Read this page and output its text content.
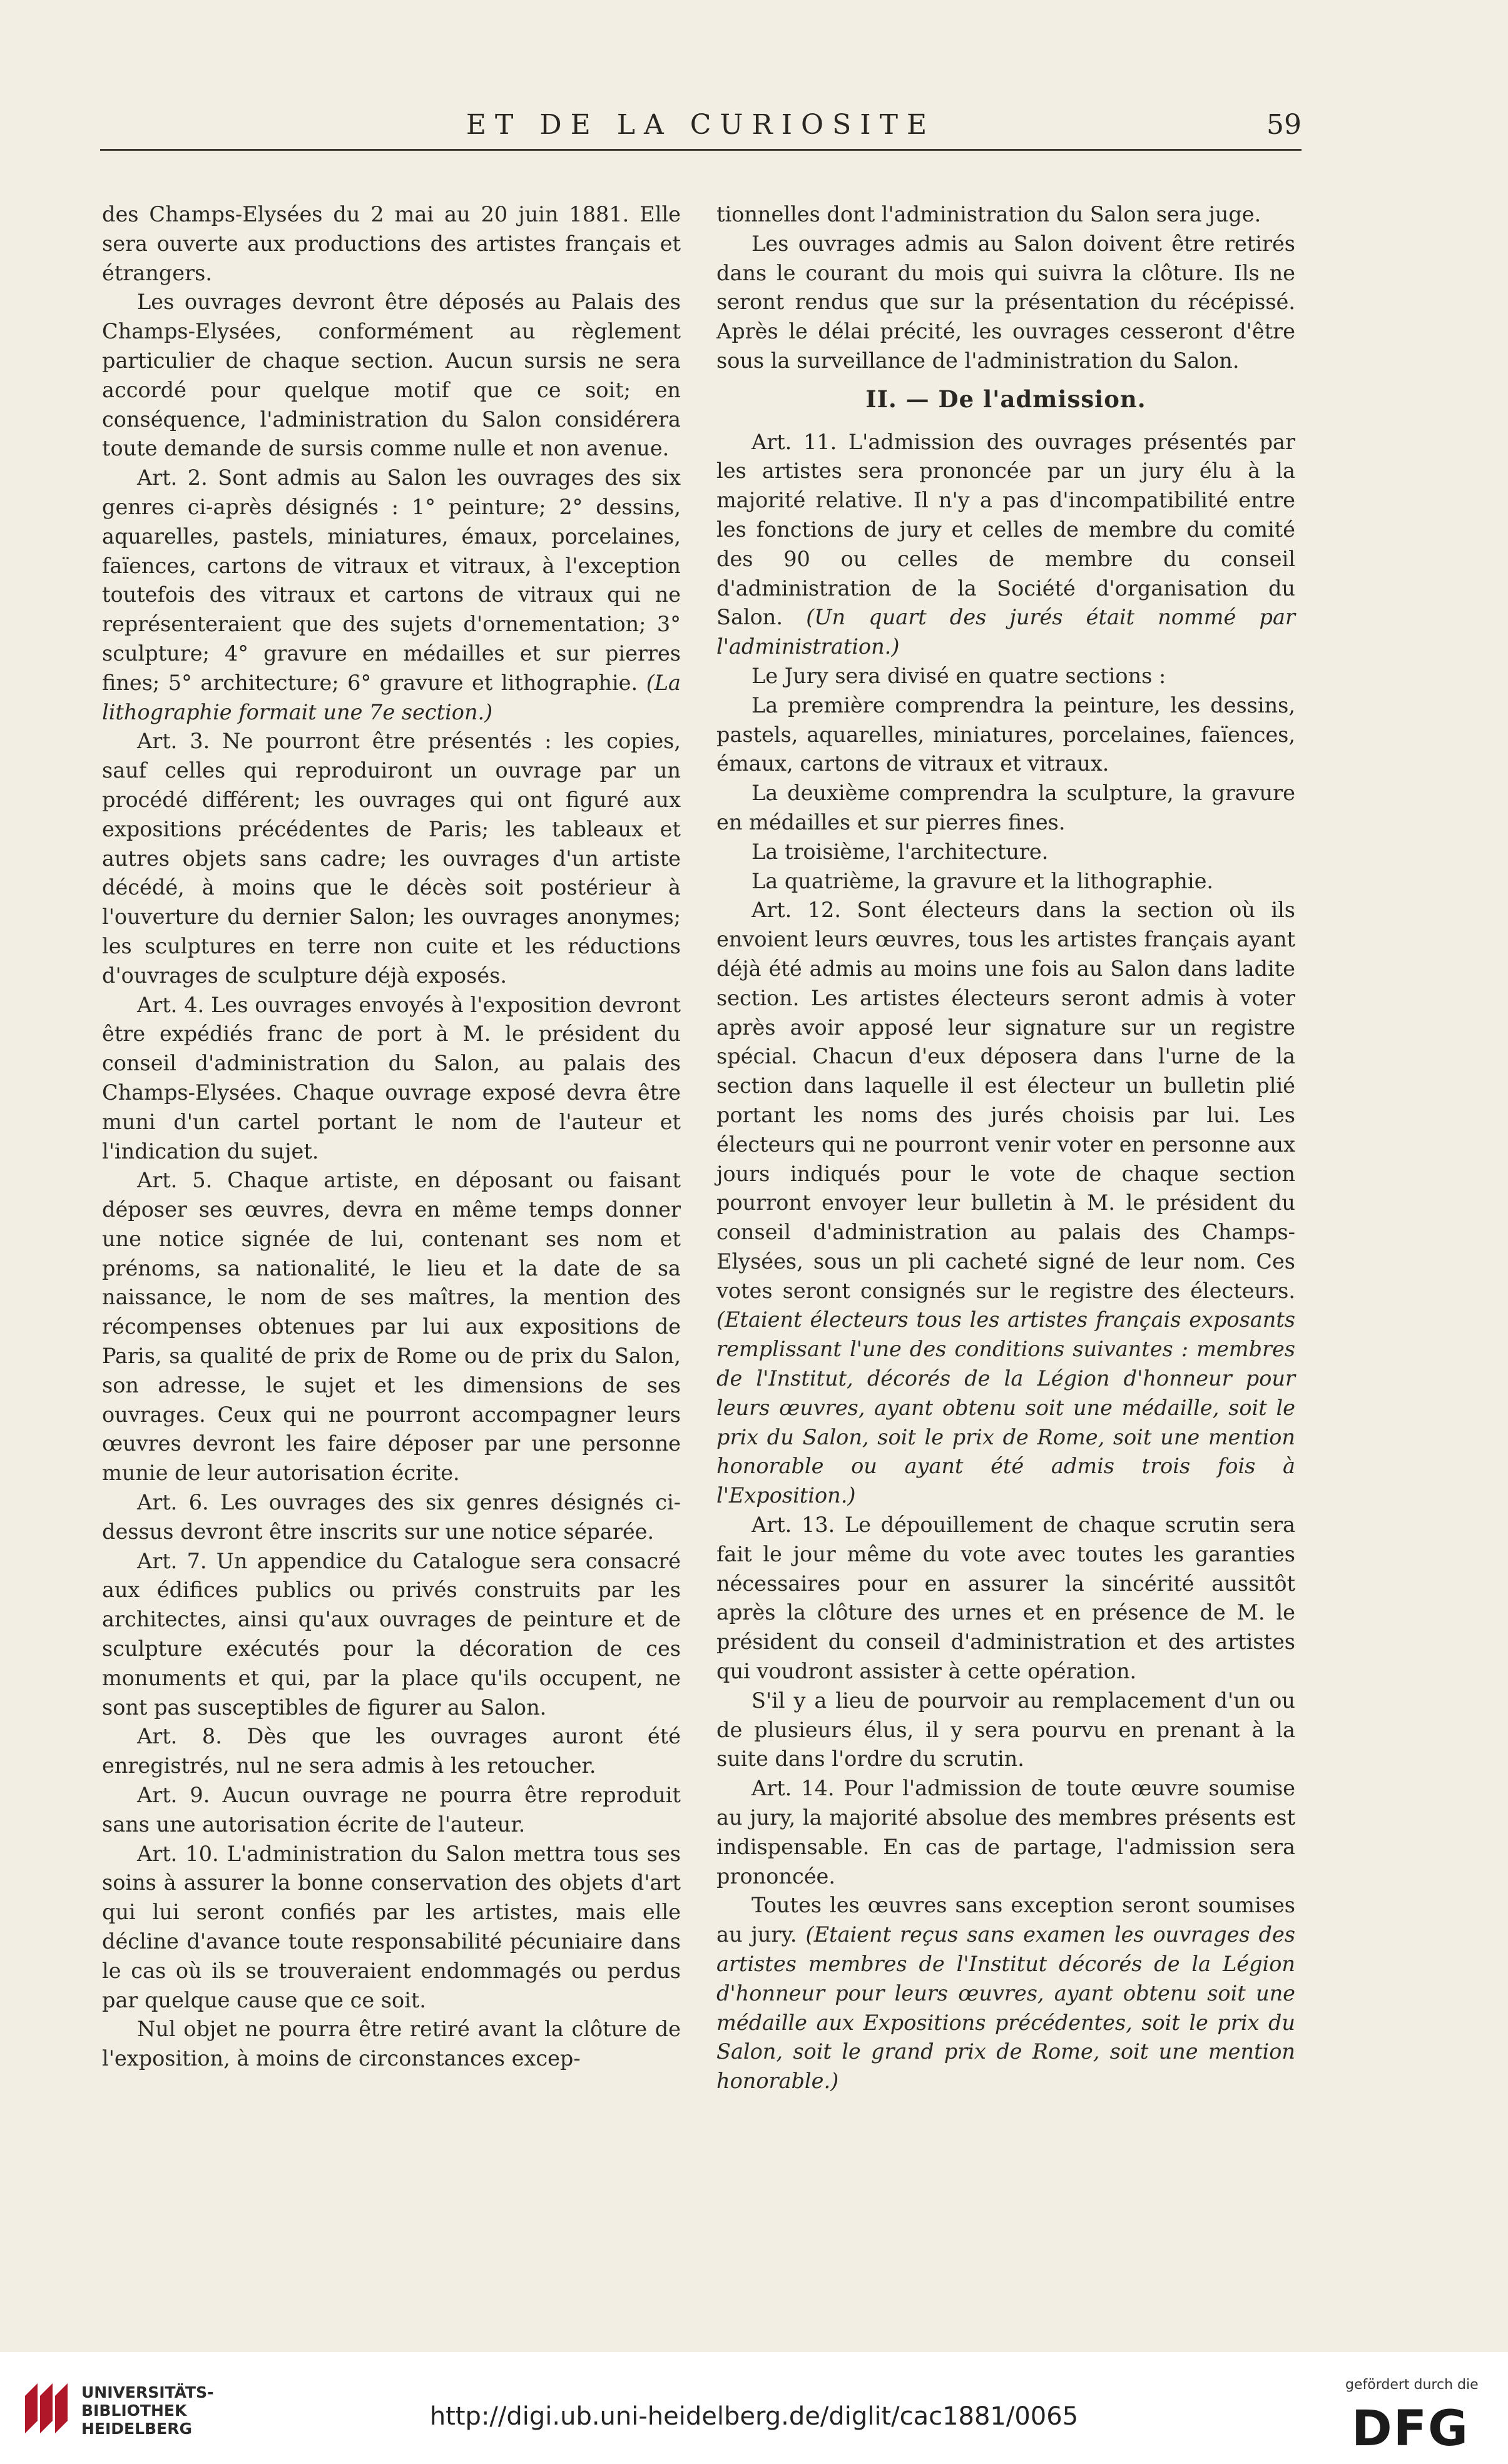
ET DE LA CURIOSITE	59

des Champs-Elysées du 2 mai au 20 juin 1881. Elle sera ouverte aux productions des artistes français et étrangers.

Les ouvrages devront être déposés au Palais des Champs-Elysées, conformément au règlement particulier de chaque section. Aucun sursis ne sera accordé pour quelque motif que ce soit; en conséquence, l'administration du Salon considérera toute demande de sursis comme nulle et non avenue.

Art. 2. Sont admis au Salon les ouvrages des six genres ci-après désignés : 1° peinture; 2° dessins, aquarelles, pastels, miniatures, émaux, porcelaines, faïences, cartons de vitraux et vitraux, à l'exception toutefois des vitraux et cartons de vitraux qui ne représenteraient que des sujets d'ornementation; 3° sculpture; 4° gravure en médailles et sur pierres fines; 5° architecture; 6° gravure et lithographie. (La lithographie formait une 7e section.)

Art. 3. Ne pourront être présentés : les copies, sauf celles qui reproduiront un ouvrage par un procédé différent; les ouvrages qui ont figuré aux expositions précédentes de Paris; les tableaux et autres objets sans cadre; les ouvrages d'un artiste décédé, à moins que le décès soit postérieur à l'ouverture du dernier Salon; les ouvrages anonymes; les sculptures en terre non cuite et les réductions d'ouvrages de sculpture déjà exposés.

Art. 4. Les ouvrages envoyés à l'exposition devront être expédiés franc de port à M. le président du conseil d'administration du Salon, au palais des Champs-Elysées. Chaque ouvrage exposé devra être muni d'un cartel portant le nom de l'auteur et l'indication du sujet.

Art. 5. Chaque artiste, en déposant ou faisant déposer ses œuvres, devra en même temps donner une notice signée de lui, contenant ses nom et prénoms, sa nationalité, le lieu et la date de sa naissance, le nom de ses maîtres, la mention des récompenses obtenues par lui aux expositions de Paris, sa qualité de prix de Rome ou de prix du Salon, son adresse, le sujet et les dimensions de ses ouvrages. Ceux qui ne pourront accompagner leurs œuvres devront les faire déposer par une personne munie de leur autorisation écrite.

Art. 6. Les ouvrages des six genres désignés ci-dessus devront être inscrits sur une notice séparée.

Art. 7. Un appendice du Catalogue sera consacré aux édifices publics ou privés construits par les architectes, ainsi qu'aux ouvrages de peinture et de sculpture exécutés pour la décoration de ces monuments et qui, par la place qu'ils occupent, ne sont pas susceptibles de figurer au Salon.

Art. 8. Dès que les ouvrages auront été enregistrés, nul ne sera admis à les retoucher.

Art. 9. Aucun ouvrage ne pourra être reproduit sans une autorisation écrite de l'auteur.

Art. 10. L'administration du Salon mettra tous ses soins à assurer la bonne conservation des objets d'art qui lui seront confiés par les artistes, mais elle décline d'avance toute responsabilité pécuniaire dans le cas où ils se trouveraient endommagés ou perdus par quelque cause que ce soit.

Nul objet ne pourra être retiré avant la clôture de l'exposition, à moins de circonstances excep-

tionnelles dont l'administration du Salon sera juge.

Les ouvrages admis au Salon doivent être retirés dans le courant du mois qui suivra la clôture. Ils ne seront rendus que sur la présentation du récépissé. Après le délai précité, les ouvrages cesseront d'être sous la surveillance de l'administration du Salon.

II. — De l'admission.

Art. 11. L'admission des ouvrages présentés par les artistes sera prononcée par un jury élu à la majorité relative. Il n'y a pas d'incompatibilité entre les fonctions de jury et celles de membre du comité des 90 ou celles de membre du conseil d'administration de la Société d'organisation du Salon. (Un quart des jurés était nommé par l'administration.)

Le Jury sera divisé en quatre sections :

La première comprendra la peinture, les dessins, pastels, aquarelles, miniatures, porcelaines, faïences, émaux, cartons de vitraux et vitraux.

La deuxième comprendra la sculpture, la gravure en médailles et sur pierres fines.

La troisième, l'architecture.

La quatrième, la gravure et la lithographie.

Art. 12. Sont électeurs dans la section où ils envoient leurs œuvres, tous les artistes français ayant déjà été admis au moins une fois au Salon dans ladite section. Les artistes électeurs seront admis à voter après avoir apposé leur signature sur un registre spécial. Chacun d'eux déposera dans l'urne de la section dans laquelle il est électeur un bulletin plié portant les noms des jurés choisis par lui. Les électeurs qui ne pourront venir voter en personne aux jours indiqués pour le vote de chaque section pourront envoyer leur bulletin à M. le président du conseil d'administration au palais des Champs-Elysées, sous un pli cacheté signé de leur nom. Ces votes seront consignés sur le registre des électeurs. (Etaient électeurs tous les artistes français exposants remplissant l'une des conditions suivantes : membres de l'Institut, décorés de la Légion d'honneur pour leurs œuvres, ayant obtenu soit une médaille, soit le prix du Salon, soit le prix de Rome, soit une mention honorable ou ayant été admis trois fois à l'Exposition.)

Art. 13. Le dépouillement de chaque scrutin sera fait le jour même du vote avec toutes les garanties nécessaires pour en assurer la sincérité aussitôt après la clôture des urnes et en présence de M. le président du conseil d'administration et des artistes qui voudront assister à cette opération.

S'il y a lieu de pourvoir au remplacement d'un ou de plusieurs élus, il y sera pourvu en prenant à la suite dans l'ordre du scrutin.

Art. 14. Pour l'admission de toute œuvre soumise au jury, la majorité absolue des membres présents est indispensable. En cas de partage, l'admission sera prononcée.

Toutes les œuvres sans exception seront soumises au jury. (Etaient reçus sans examen les ouvrages des artistes membres de l'Institut décorés de la Légion d'honneur pour leurs œuvres, ayant obtenu soit une médaille aux Expositions précédentes, soit le prix du Salon, soit le grand prix de Rome, soit une mention honorable.)

UNIVERSITÄTS-
BIBLIOTHEK
HEIDELBERG	http://digi.ub.uni-heidelberg.de/diglit/cac1881/0065
gefördert durch die
DFG
